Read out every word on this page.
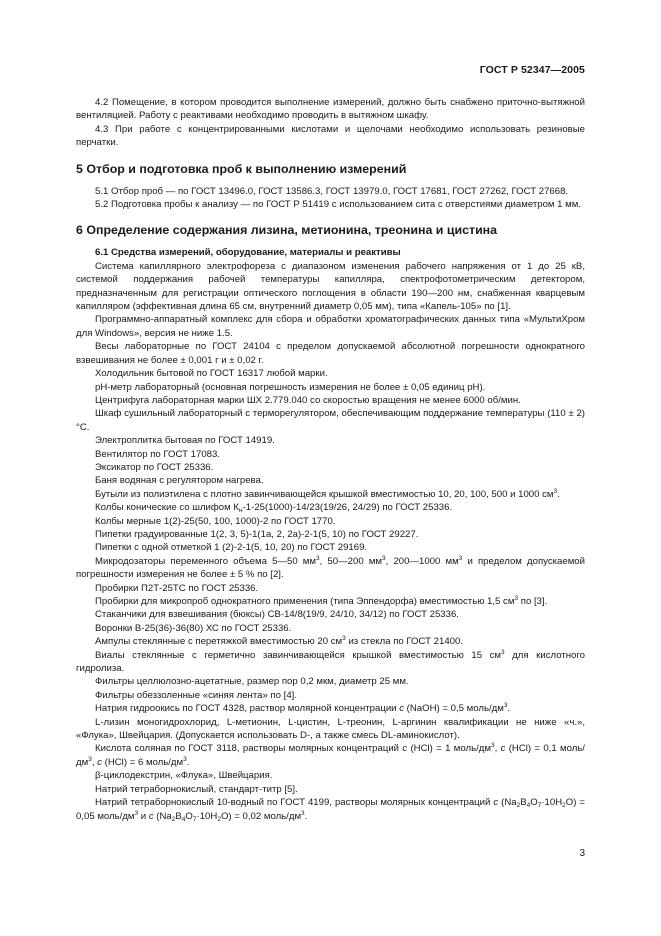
ГОСТ Р 52347—2005

4.2 Помещение, в котором проводится выполнение измерений, должно быть снабжено приточно-вытяжной вентиляцией. Работу с реактивами необходимо проводить в вытяжном шкафу.

4.3 При работе с концентрированными кислотами и щелочами необходимо использовать резиновые перчатки.

5 Отбор и подготовка проб к выполнению измерений

5.1 Отбор проб — по ГОСТ 13496.0, ГОСТ 13586.3, ГОСТ 13979.0, ГОСТ 17681, ГОСТ 27262, ГОСТ 27668.

5.2 Подготовка пробы к анализу — по ГОСТ Р 51419 с использованием сита с отверстиями диаметром 1 мм.

6 Определение содержания лизина, метионина, треонина и цистина
6.1 Средства измерений, оборудование, материалы и реактивы

Система капиллярного электрофореза с диапазоном изменения рабочего напряжения от 1 до 25 кВ, системой поддержания рабочей температуры капилляра, спектрофотометрическим детектором, предназначенным для регистрации оптического поглощения в области 190—200 нм, снабженная кварцевым капилляром (эффективная длина 65 см, внутренний диаметр 0,05 мм), типа «Капель-105» по [1].

Программно-аппаратный комплекс для сбора и обработки хроматографических данных типа «МультиХром для Windows», версия не ниже 1.5.

Весы лабораторные по ГОСТ 24104 с пределом допускаемой абсолютной погрешности однократного взвешивания не более ± 0,001 г и ± 0,02 г.

Холодильник бытовой по ГОСТ 16317 любой марки.

pH-метр лабораторный (основная погрешность измерения не более ± 0,05 единиц pH).

Центрифуга лабораторная марки ШХ 2.779.040 со скоростью вращения не менее 6000 об/мин.

Шкаф сушильный лабораторный с терморегулятором, обеспечивающим поддержание температуры (110 ± 2) °С.

Электроплитка бытовая по ГОСТ 14919.

Вентилятор по ГОСТ 17083.

Эксикатор по ГОСТ 25336.

Баня водяная с регулятором нагрева.

Бутыли из полиэтилена с плотно завинчивающейся крышкой вместимостью 10, 20, 100, 500 и 1000 $см^3$.

Колбы конические со шлифом $К_н-1-25(1000)-14/23(19/26$, 24/29) по ГОСТ 25336.

Колбы мерные 1(2)-25(50, 100, 1000)-2 по ГОСТ 1770.

Пипетки градуированные 1(2, 3, 5)-1(1а, 2, 2а)-2-1(5, 10) по ГОСТ 29227.

Пипетки с одной отметкой 1 (2)-2-1(5, 10, 20) по ГОСТ 29169.

Микродозаторы переменного объема 5—50 $мм^3$, 50—200 $мм^3$, 200—1000 $мм^3$ и пределом допускаемой погрешности измерения не более ± 5 % по [2].

Пробирки П2Т-25ТС по ГОСТ 25336.

Пробирки для микропроб однократного применения (типа Эппендорфа) вместимостью 1,5 $см^3$ по [3].

Стаканчики для взвешивания (бюксы) СВ-14/8(19/9, 24/10, 34/12) по ГОСТ 25336.

Воронки В-25(36)-36(80) ХС по ГОСТ 25336.

Ампулы стеклянные с перетяжкой вместимостью 20 $см^3$ из стекла по ГОСТ 21400.

Виалы стеклянные с герметично завинчивающейся крышкой вместимостью 15 $см^3$ для кислотного гидролиза.

Фильтры целлюлозно-ацетатные, размер пор 0,2 мкм, диаметр 25 мм.

Фильтры обеззоленные «синяя лента» по [4].

Натрия гидроокись по ГОСТ 4328, раствор молярной концентрации с (NaOH) = 0,5 моль/$дм^3$.

L-лизин моногидрохлорид, L-метионин, L-цистин, L-треонин, L-аргинин квалификации не ниже «ч.», «Флука», Швейцария. (Допускается использовать D-, а также смесь DL-аминокислот).

Кислота соляная по ГОСТ 3118, растворы молярных концентраций с (HCl) = 1 моль/$дм^3$, с (HCl) = 0,1 моль/$дм^3$, с (HCl) = 6 моль/$дм^3$.

β-циклодекстрин, «Флука», Швейцария.

Натрий тетраборнокислый, стандарт-титр [5].

Натрий тетраборнокислый 10-водный по ГОСТ 4199, растворы молярных концентраций с $(Na_2B_4O_7\cdot 10H_2O) = 0,05$ моль/$дм^3$ и с $(Na_2B_4O_7\cdot 10H_2O) = 0,02$ моль/$дм^3$.

3
